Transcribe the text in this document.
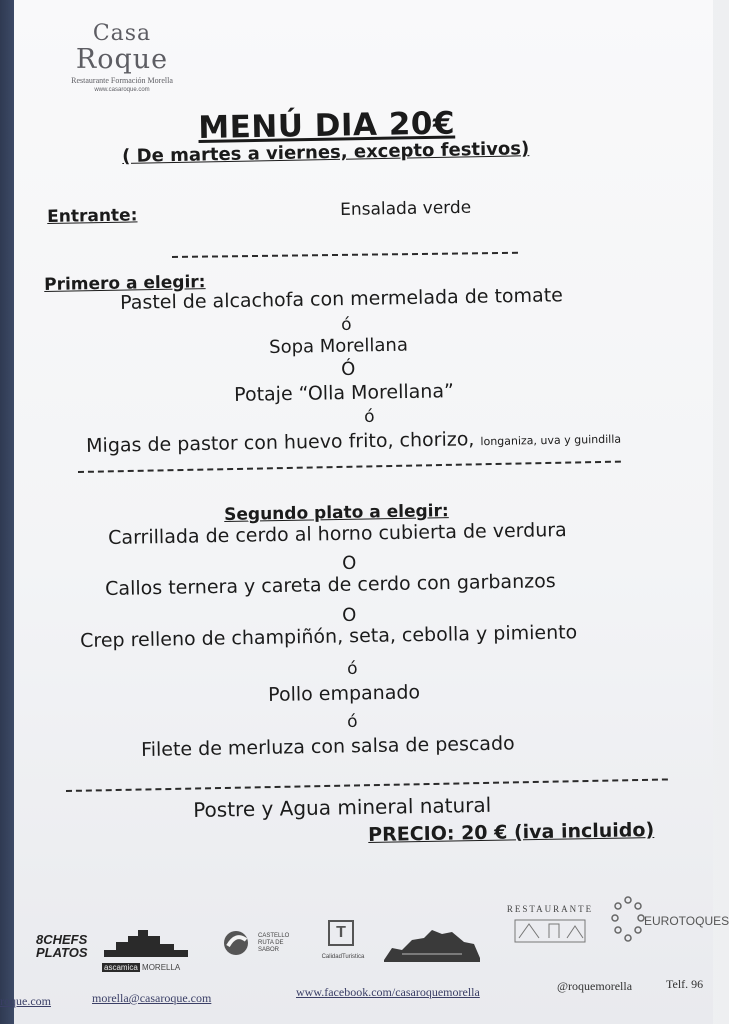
Casa
Roque
Restaurante Formación Morella
www.casaroque.com
MENÚ DIA 20€
( De martes a viernes, excepto festivos)
Entrante:	Ensalada verde
Primero a elegir:
Pastel de alcachofa con mermelada de tomate
ó
Sopa Morellana
Ó
Potaje “Olla Morellana”
ó
Migas de pastor con huevo frito, chorizo, longaniza, uva y guindilla
Segundo plato a elegir:
Carrillada de cerdo al horno cubierta de verdura
O
Callos ternera y careta de cerdo con garbanzos
O
Crep relleno de champiñón, seta, cebolla y pimiento
ó
Pollo empanado
ó
Filete de merluza con salsa de pescado
Postre y Agua mineral natural
PRECIO: 20 € (iva incluido)
8CHEFS
PLATOS
ascamica MORELLA
CASTELLO RUTA DE SABOR
T
CalidadTuristica
RESTAURANTE
EUROTOQUES
roque.com	morella@casaroque.com	www.facebook.com/casaroquemorella	@roquemorella	Telf. 96
